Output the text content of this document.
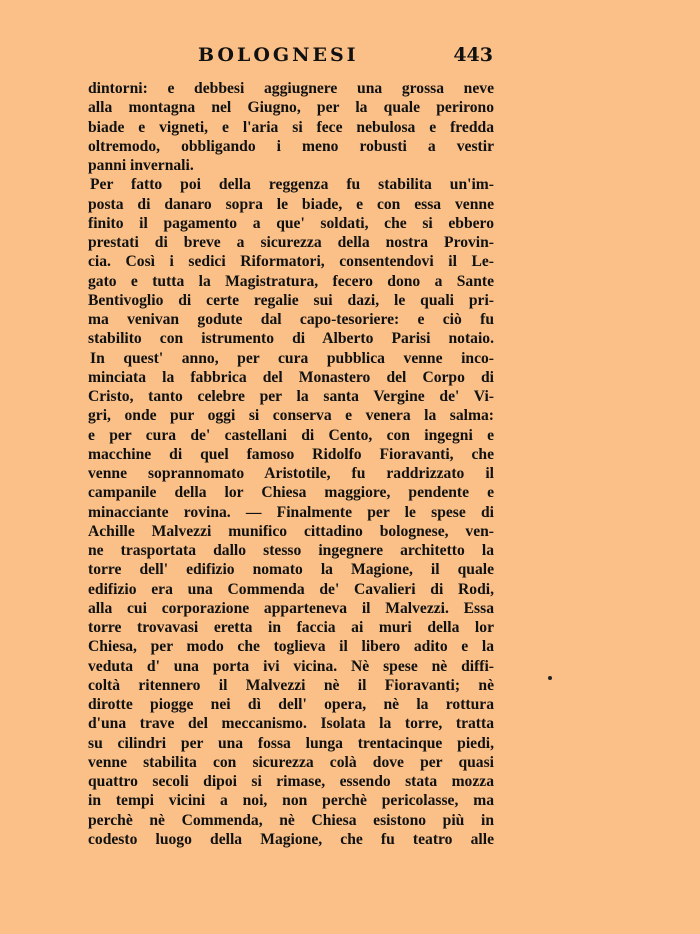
BOLOGNESI	443
dintorni: e debbesi aggiugnere una grossa neve
alla montagna nel Giugno, per la quale perirono
biade e vigneti, e l'aria si fece nebulosa e fredda
oltremodo, obbligando i meno robusti a vestir
panni invernali.
Per fatto poi della reggenza fu stabilita un'im-
posta di danaro sopra le biade, e con essa venne
finito il pagamento a que' soldati, che si ebbero
prestati di breve a sicurezza della nostra Provin-
cia. Così i sedici Riformatori, consentendovi il Le-
gato e tutta la Magistratura, fecero dono a Sante
Bentivoglio di certe regalie sui dazi, le quali pri-
ma venivan godute dal capo-tesoriere: e ciò fu
stabilito con istrumento di Alberto Parisi notaio.
In quest' anno, per cura pubblica venne inco-
minciata la fabbrica del Monastero del Corpo di
Cristo, tanto celebre per la santa Vergine de' Vi-
gri, onde pur oggi si conserva e venera la salma:
e per cura de' castellani di Cento, con ingegni e
macchine di quel famoso Ridolfo Fioravanti, che
venne soprannomato Aristotile, fu raddrizzato il
campanile della lor Chiesa maggiore, pendente e
minacciante rovina. — Finalmente per le spese di
Achille Malvezzi munifico cittadino bolognese, ven-
ne trasportata dallo stesso ingegnere architetto la
torre dell' edifizio nomato la Magione, il quale
edifizio era una Commenda de' Cavalieri di Rodi,
alla cui corporazione apparteneva il Malvezzi. Essa
torre trovavasi eretta in faccia ai muri della lor
Chiesa, per modo che toglieva il libero adito e la
veduta d' una porta ivi vicina. Nè spese nè diffi-
coltà ritennero il Malvezzi nè il Fioravanti; nè
dirotte piogge nei dì dell' opera, nè la rottura
d'una trave del meccanismo. Isolata la torre, tratta
su cilindri per una fossa lunga trentacinque piedi,
venne stabilita con sicurezza colà dove per quasi
quattro secoli dipoi si rimase, essendo stata mozza
in tempi vicini a noi, non perchè pericolasse, ma
perchè nè Commenda, nè Chiesa esistono più in
codesto luogo della Magione, che fu teatro alle
